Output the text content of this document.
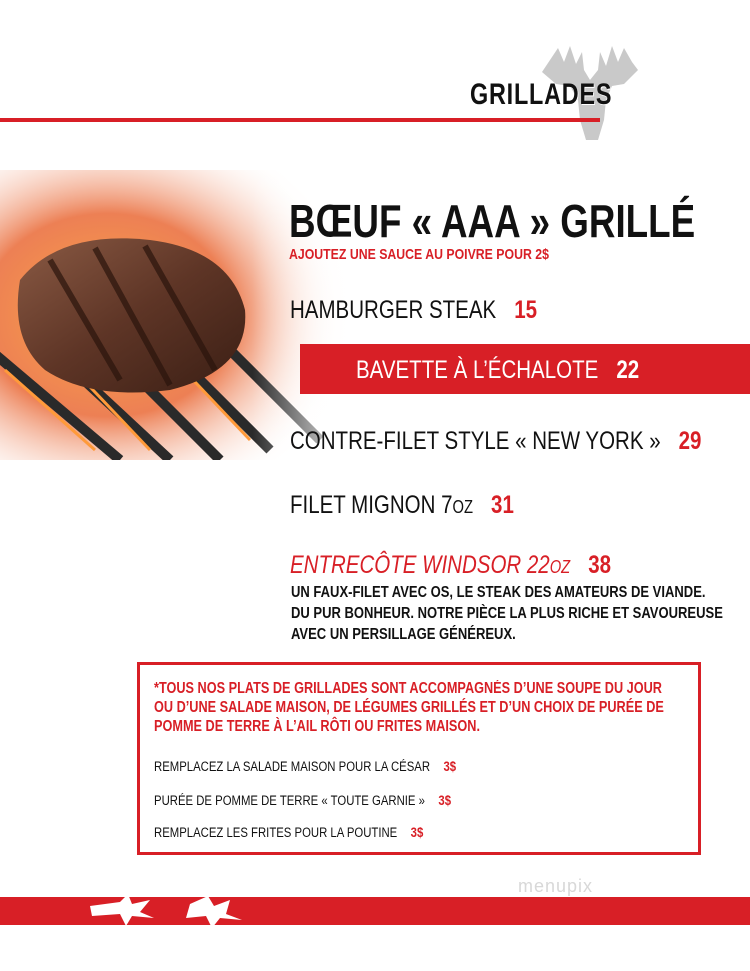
GRILLADES
BŒUF « AAA » GRILLÉ
AJOUTEZ UNE SAUCE AU POIVRE POUR 2$
HAMBURGER STEAK 15
BAVETTE À L’ÉCHALOTE 22
CONTRE-FILET STYLE « NEW YORK » 29
FILET MIGNON 7OZ 31
ENTRECÔTE WINDSOR 22OZ 38
UN FAUX-FILET AVEC OS, LE STEAK DES AMATEURS DE VIANDE. DU PUR BONHEUR. NOTRE PIÈCE LA PLUS RICHE ET SAVOUREUSE AVEC UN PERSILLAGE GÉNÉREUX.
*TOUS NOS PLATS DE GRILLADES SONT ACCOMPAGNÉS D’UNE SOUPE DU JOUR OU D’UNE SALADE MAISON, DE LÉGUMES GRILLÉS ET D’UN CHOIX DE PURÉE DE POMME DE TERRE À L’AIL RÔTI OU FRITES MAISON.
REMPLACEZ LA SALADE MAISON POUR LA CÉSAR 3$
PURÉE DE POMME DE TERRE « TOUTE GARNIE » 3$
REMPLACEZ LES FRITES POUR LA POUTINE 3$
menupix
